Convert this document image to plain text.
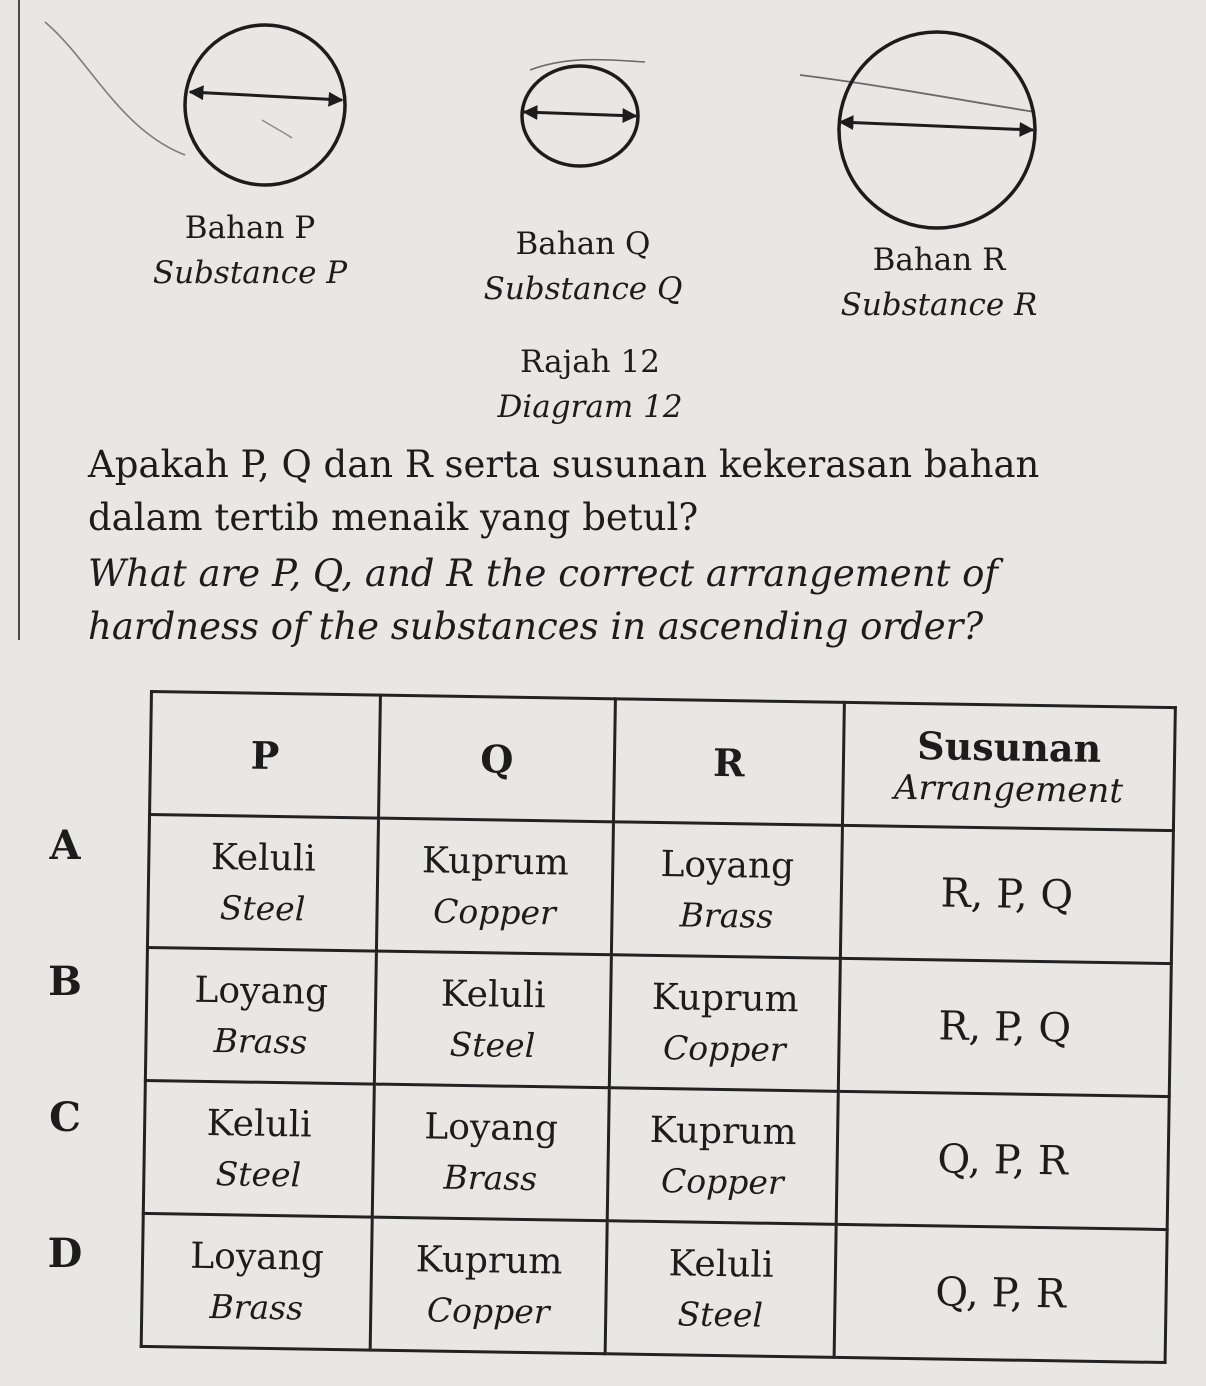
Bahan P
Substance P
Bahan Q
Substance Q
Bahan R
Substance R
Rajah 12
Diagram 12
Apakah P, Q dan R serta susunan kekerasan bahan dalam tertib menaik yang betul?
What are P, Q, and R the correct arrangement of hardness of the substances in ascending order?
A
B
C
D
P	Q	R	Susunan
Arrangement

Keluli
Steel	Kuprum
Copper	Loyang
Brass	R, P, Q

Loyang
Brass	Keluli
Steel	Kuprum
Copper	R, P, Q

Keluli
Steel	Loyang
Brass	Kuprum
Copper	Q, P, R

Loyang
Brass	Kuprum
Copper	Keluli
Steel	Q, P, R
